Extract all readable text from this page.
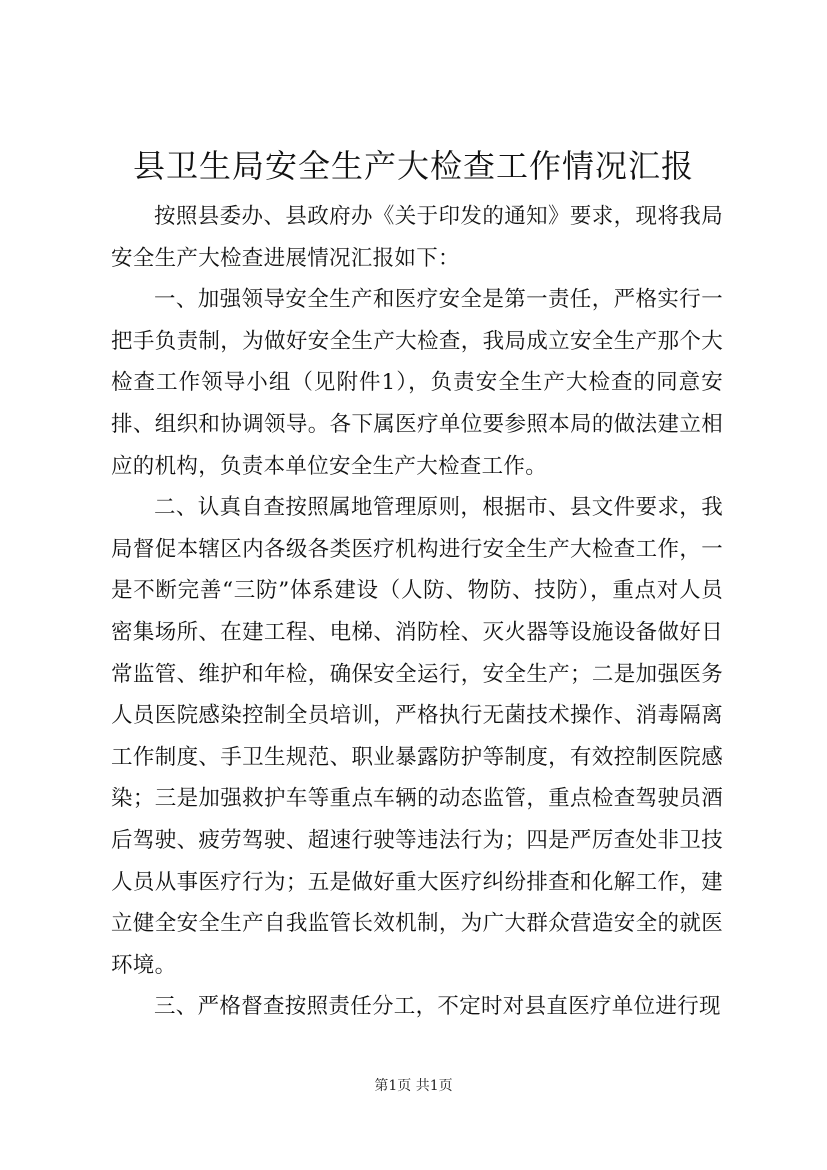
县卫生局安全生产大检查工作情况汇报

按照县委办、县政府办《关于印发的通知》要求，现将我局安全生产大检查进展情况汇报如下：

一、加强领导安全生产和医疗安全是第一责任，严格实行一把手负责制，为做好安全生产大检查，我局成立安全生产那个大检查工作领导小组（见附件1），负责安全生产大检查的同意安排、组织和协调领导。各下属医疗单位要参照本局的做法建立相应的机构，负责本单位安全生产大检查工作。

二、认真自查按照属地管理原则，根据市、县文件要求，我局督促本辖区内各级各类医疗机构进行安全生产大检查工作，一是不断完善“三防”体系建设（人防、物防、技防），重点对人员密集场所、在建工程、电梯、消防栓、灭火器等设施设备做好日常监管、维护和年检，确保安全运行，安全生产；二是加强医务人员医院感染控制全员培训，严格执行无菌技术操作、消毒隔离工作制度、手卫生规范、职业暴露防护等制度，有效控制医院感染；三是加强救护车等重点车辆的动态监管，重点检查驾驶员酒后驾驶、疲劳驾驶、超速行驶等违法行为；四是严厉查处非卫技人员从事医疗行为；五是做好重大医疗纠纷排查和化解工作，建立健全安全生产自我监管长效机制，为广大群众营造安全的就医环境。

三、严格督查按照责任分工，不定时对县直医疗单位进行现

第1页 共1页
